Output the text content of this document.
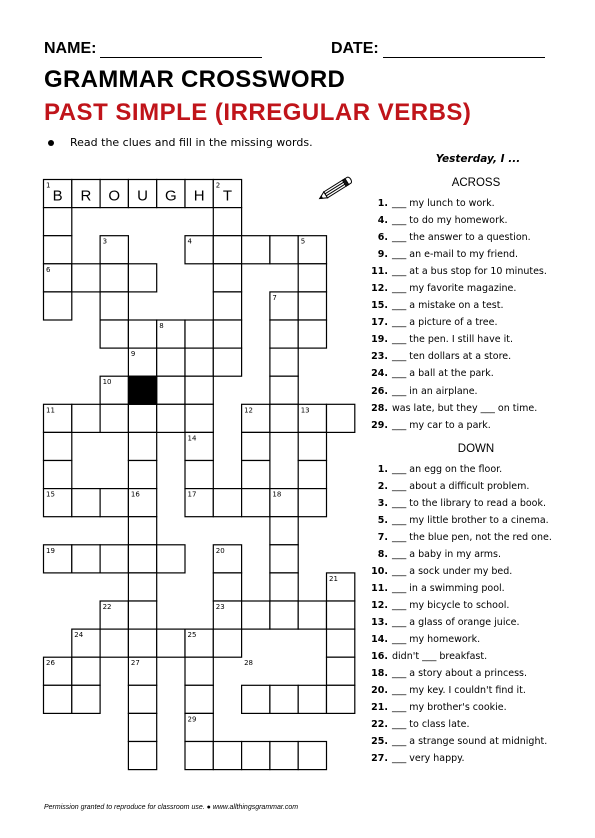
NAME:	DATE:
GRAMMAR CROSSWORD
PAST SIMPLE (IRREGULAR VERBS)
Read the clues and fill in the missing words.
1	2
3	4	5
6
7
8
9
10
11	12	13
14
15	16	17	18
19	20
21
22	23
24	25
26	27	28
29
B R O U G H T
Yesterday, I ...
ACROSS
1. ___ my lunch to work.
4. ___ to do my homework.
6. ___ the answer to a question.
9. ___ an e-mail to my friend.
11. ___ at a bus stop for 10 minutes.
12. ___ my favorite magazine.
15. ___ a mistake on a test.
17. ___ a picture of a tree.
19. ___ the pen. I still have it.
23. ___ ten dollars at a store.
24. ___ a ball at the park.
26. ___ in an airplane.
28. was late, but they ___ on time.
29. ___ my car to a park.
DOWN
1. ___ an egg on the floor.
2. ___ about a difficult problem.
3. ___ to the library to read a book.
5. ___ my little brother to a cinema.
7. ___ the blue pen, not the red one.
8. ___ a baby in my arms.
10. ___ a sock under my bed.
11. ___ in a swimming pool.
12. ___ my bicycle to school.
13. ___ a glass of orange juice.
14. ___ my homework.
16. didn't ___ breakfast.
18. ___ a story about a princess.
20. ___ my key. I couldn't find it.
21. ___ my brother's cookie.
22. ___ to class late.
25. ___ a strange sound at midnight.
27. ___ very happy.
Permission granted to reproduce for classroom use. ● www.allthingsgrammar.com
